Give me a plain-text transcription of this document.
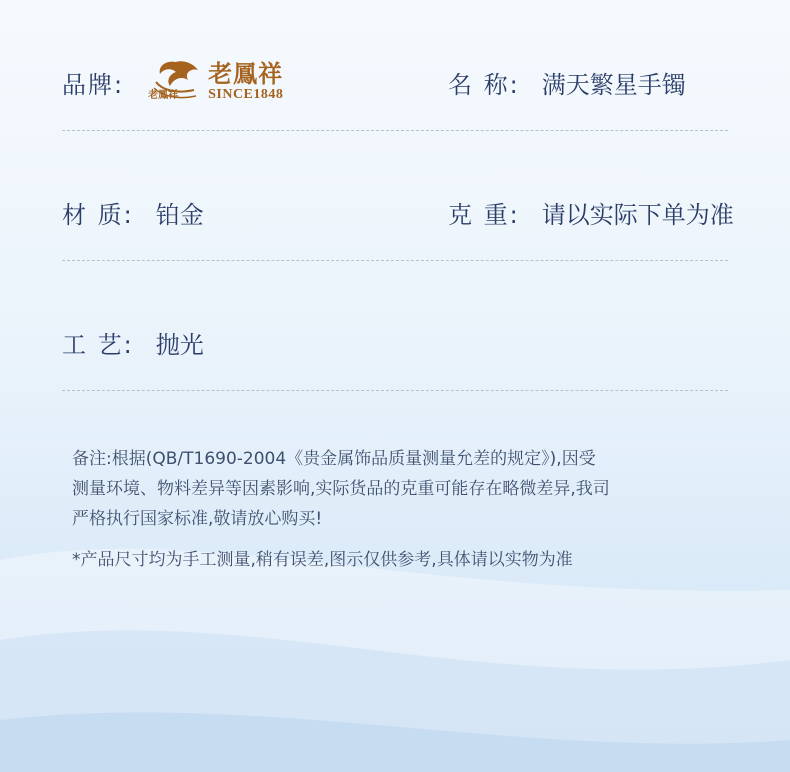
品牌: 老鳳祥
老鳳祥
SINCE1848	名 称: 满天繁星手镯
材 质: 铂金	克 重: 请以实际下单为准
工 艺: 抛光
备注:根据(QB/T1690-2004《贵金属饰品质量测量允差的规定》),因受
测量环境、物料差异等因素影响,实际货品的克重可能存在略微差异,我司
严格执行国家标准,敬请放心购买!
*产品尺寸均为手工测量,稍有误差,图示仅供参考,具体请以实物为准
